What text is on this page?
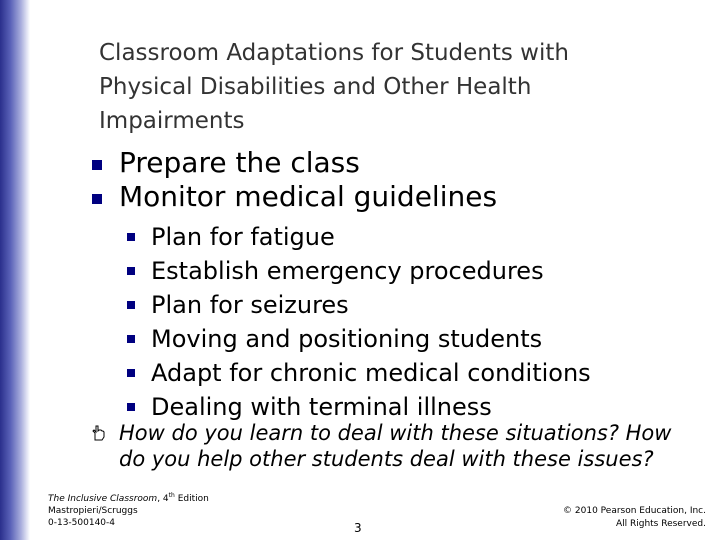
Classroom Adaptations for Students with
Physical Disabilities and Other Health
Impairments
Prepare the class
Monitor medical guidelines
Plan for fatigue
Establish emergency procedures
Plan for seizures
Moving and positioning students
Adapt for chronic medical conditions
Dealing with terminal illness
How do you learn to deal with these situations? How do you help other students deal with these issues?
The Inclusive Classroom, 4th Edition
Mastropieri/Scruggs
0-13-500140-4	3
© 2010 Pearson Education, Inc.
All Rights Reserved.
